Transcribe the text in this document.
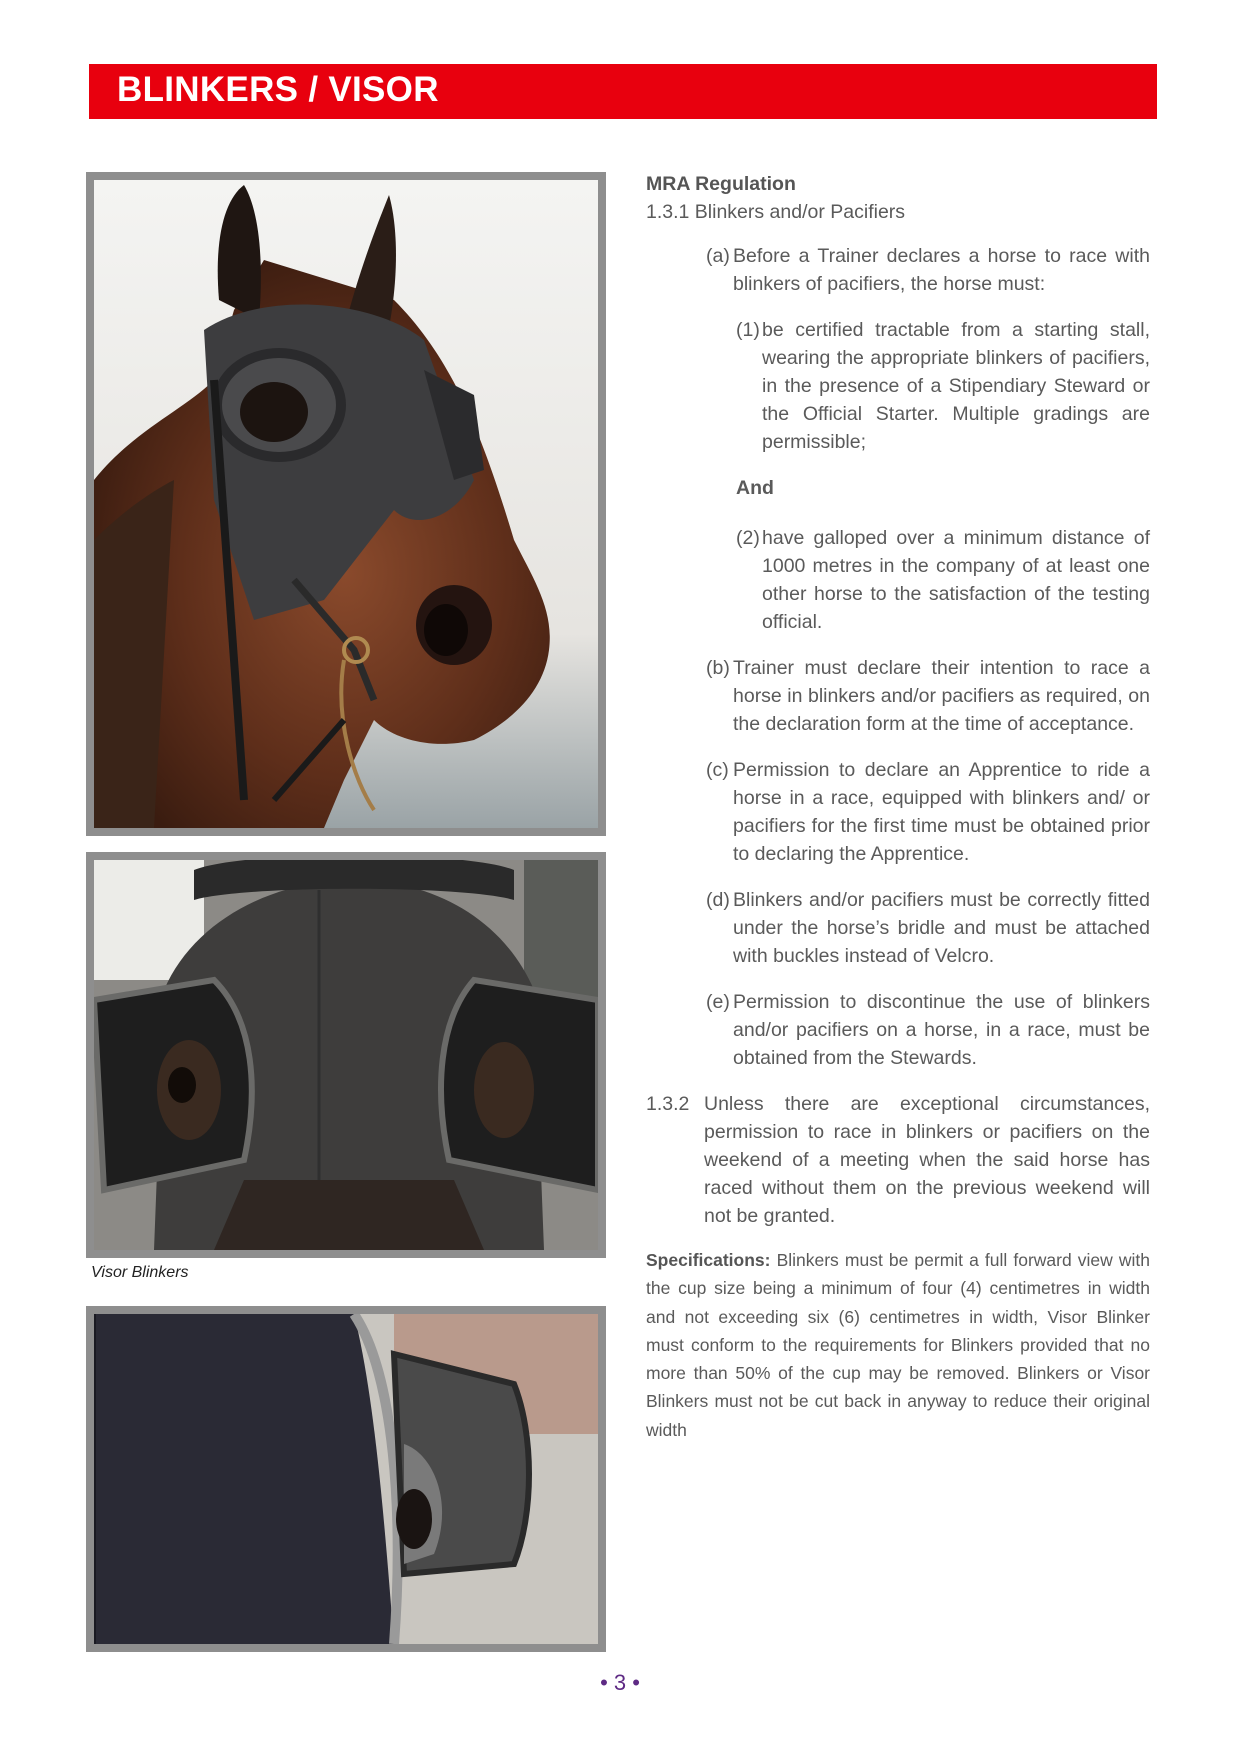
BLINKERS / VISOR
Visor Blinkers
MRA Regulation
1.3.1 Blinkers and/or Pacifiers
(a) Before a Trainer declares a horse to race with blinkers of pacifiers, the horse must:
(1) be certified tractable from a starting stall, wearing the appropriate blinkers of pacifiers, in the presence of a Stipendiary Steward or the Official Starter. Multiple gradings are permissible;
And
(2) have galloped over a minimum distance of 1000 metres in the company of at least one other horse to the satisfaction of the testing official.
(b) Trainer must declare their intention to race a horse in blinkers and/or pacifiers as required, on the declaration form at the time of acceptance.
(c) Permission to declare an Apprentice to ride a horse in a race, equipped with blinkers and/ or pacifiers for the first time must be obtained prior to declaring the Apprentice.
(d) Blinkers and/or pacifiers must be correctly fitted under the horse’s bridle and must be attached with buckles instead of Velcro.
(e) Permission to discontinue the use of blinkers and/or pacifiers on a horse, in a race, must be obtained from the Stewards.
1.3.2 Unless there are exceptional circumstances, permission to race in blinkers or pacifiers on the weekend of a meeting when the said horse has raced without them on the previous weekend will not be granted.
Specifications: Blinkers must be permit a full forward view with the cup size being a minimum of four (4) centimetres in width and not exceeding six (6) centimetres in width, Visor Blinker must conform to the requirements for Blinkers provided that no more than 50% of the cup may be removed. Blinkers or Visor Blinkers must not be cut back in anyway to reduce their original width
• 3 •
